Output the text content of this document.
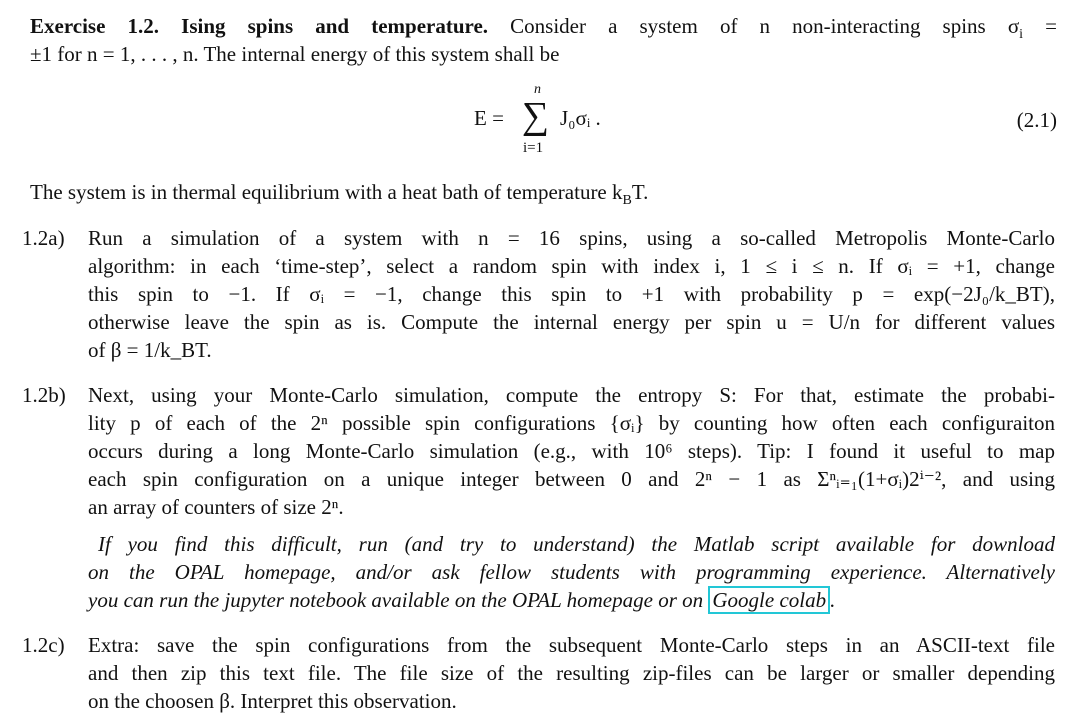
Exercise 1.2. Ising spins and temperature. Consider a system of n non-interacting spins $\sigma_i$ =
±1 for n = 1, . . . , n. The internal energy of this system shall be
E =
n
∑
i=1
J₀σᵢ .	(2.1)
The system is in thermal equilibrium with a heat bath of temperature $k_BT$.
1.2a) Run a simulation of a system with n = 16 spins, using a so-called Metropolis Monte-Carlo
algorithm: in each ‘time-step’, select a random spin with index i, 1 ≤ i ≤ n. If σᵢ = +1, change
this spin to −1. If σᵢ = −1, change this spin to +1 with probability p = exp(−2J₀/k_BT),
otherwise leave the spin as is. Compute the internal energy per spin u = U/n for different values
of β = 1/k_BT.
1.2b) Next, using your Monte-Carlo simulation, compute the entropy S: For that, estimate the probabi-
lity p of each of the 2ⁿ possible spin configurations {σᵢ} by counting how often each configuraiton
occurs during a long Monte-Carlo simulation (e.g., with 10⁶ steps). Tip: I found it useful to map
each spin configuration on a unique integer between 0 and 2ⁿ − 1 as Σⁿᵢ₌₁(1+σᵢ)2ⁱ⁻², and using
an array of counters of size 2ⁿ.
If you find this difficult, run (and try to understand) the Matlab script available for download
on the OPAL homepage, and/or ask fellow students with programming experience. Alternatively
you can run the jupyter notebook available on the OPAL homepage or on Google colab .
1.2c) Extra: save the spin configurations from the subsequent Monte-Carlo steps in an ASCII-text file
and then zip this text file. The file size of the resulting zip-files can be larger or smaller depending
on the choosen β. Interpret this observation.
